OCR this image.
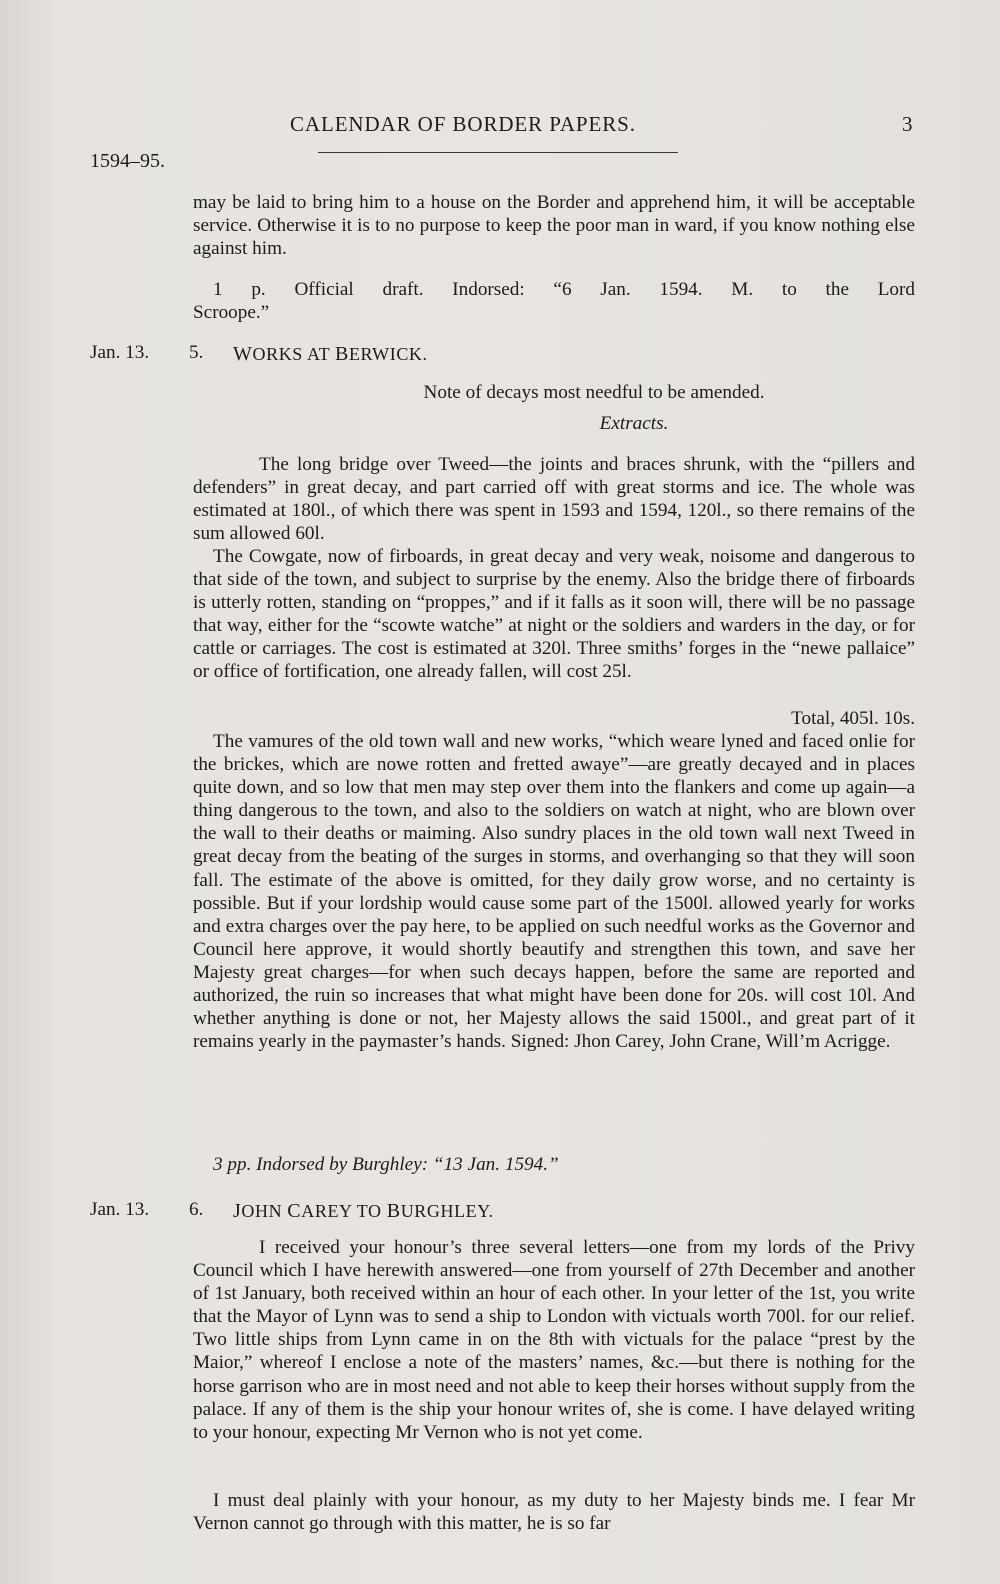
CALENDAR OF BORDER PAPERS.	3
1594–95.

may be laid to bring him to a house on the Border and apprehend him, it will be acceptable service. Otherwise it is to no purpose to keep the poor man in ward, if you know nothing else against him.

1 p. Official draft. Indorsed: “6 Jan. 1594. M. to the Lord
Scroope.”
Jan. 13. 5. WORKS AT BERWICK.
Note of decays most needful to be amended.
Extracts.

The long bridge over Tweed—the joints and braces shrunk, with the “pillers and defenders” in great decay, and part carried off with great storms and ice. The whole was estimated at 180l., of which there was spent in 1593 and 1594, 120l., so there remains of the sum allowed 60l.

The Cowgate, now of firboards, in great decay and very weak, noisome and dangerous to that side of the town, and subject to surprise by the enemy. Also the bridge there of firboards is utterly rotten, standing on “proppes,” and if it falls as it soon will, there will be no passage that way, either for the “scowte watche” at night or the soldiers and warders in the day, or for cattle or carriages. The cost is estimated at 320l. Three smiths’ forges in the “newe pallaice” or office of fortification, one already fallen, will cost 25l.

Total, 405l. 10s.

The vamures of the old town wall and new works, “which weare lyned and faced onlie for the brickes, which are nowe rotten and fretted awaye”—are greatly decayed and in places quite down, and so low that men may step over them into the flankers and come up again—a thing dangerous to the town, and also to the soldiers on watch at night, who are blown over the wall to their deaths or maiming. Also sundry places in the old town wall next Tweed in great decay from the beating of the surges in storms, and overhanging so that they will soon fall. The estimate of the above is omitted, for they daily grow worse, and no certainty is possible. But if your lordship would cause some part of the 1500l. allowed yearly for works and extra charges over the pay here, to be applied on such needful works as the Governor and Council here approve, it would shortly beautify and strengthen this town, and save her Majesty great charges—for when such decays happen, before the same are reported and authorized, the ruin so increases that what might have been done for 20s. will cost 10l. And whether anything is done or not, her Majesty allows the said 1500l., and great part of it remains yearly in the paymaster’s hands. Signed: Jhon Carey, John Crane, Will’m Acrigge.

3 pp. Indorsed by Burghley: “13 Jan. 1594.”
Jan. 13. 6. JOHN CAREY TO BURGHLEY.

I received your honour’s three several letters—one from my lords of the Privy Council which I have herewith answered—one from yourself of 27th December and another of 1st January, both received within an hour of each other. In your letter of the 1st, you write that the Mayor of Lynn was to send a ship to London with victuals worth 700l. for our relief. Two little ships from Lynn came in on the 8th with victuals for the palace “prest by the Maior,” whereof I enclose a note of the masters’ names, &c.—but there is nothing for the horse garrison who are in most need and not able to keep their horses without supply from the palace. If any of them is the ship your honour writes of, she is come. I have delayed writing to your honour, expecting Mr Vernon who is not yet come.

I must deal plainly with your honour, as my duty to her Majesty binds me. I fear Mr Vernon cannot go through with this matter, he is so far
